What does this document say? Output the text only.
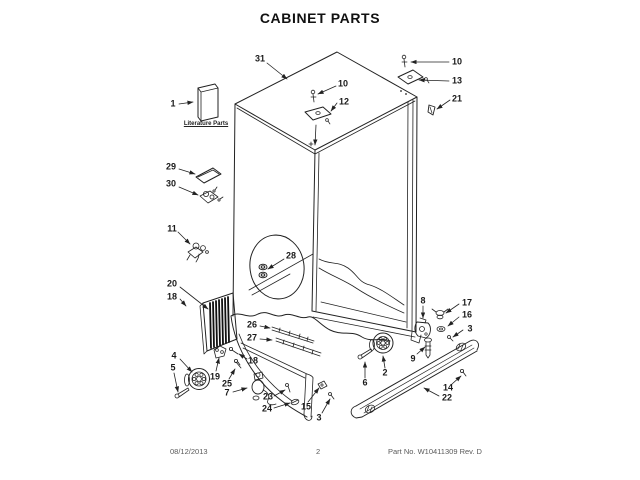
CABINET PARTS
31
10
12
10
13
21
1
29
30
11
20
18
28
26
27
4
5
19
25
7
18
23
24	15
3
8	17
16
3
9
2
6	14
22
Literature Parts
08/12/2013	2	Part No. W10411309 Rev. D
